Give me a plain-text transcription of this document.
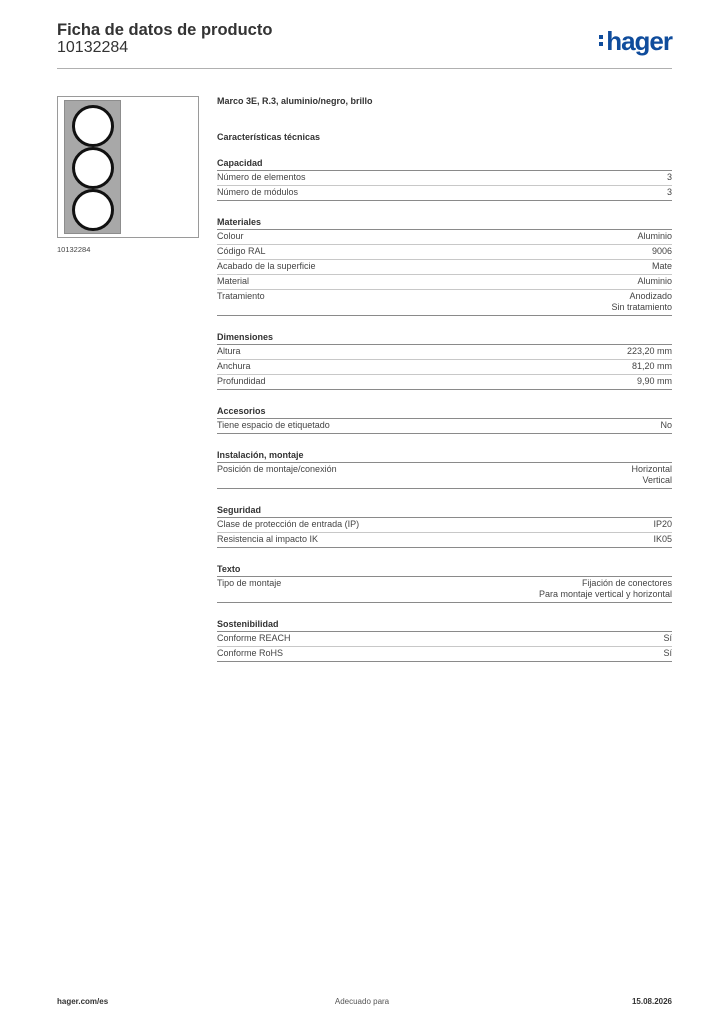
Ficha de datos de producto
10132284	hager
10132284
Marco 3E, R.3, aluminio/negro, brillo
Características técnicas
Capacidad
Número de elementos	3
Número de módulos	3
Materiales
Colour	Aluminio
Código RAL	9006
Acabado de la superficie	Mate
Material	Aluminio
Tratamiento	Anodizado
Sin tratamiento
Dimensiones
Altura	223,20 mm
Anchura	81,20 mm
Profundidad	9,90 mm
Accesorios
Tiene espacio de etiquetado	No
Instalación, montaje
Posición de montaje/conexión	Horizontal
Vertical
Seguridad
Clase de protección de entrada (IP)	IP20
Resistencia al impacto IK	IK05
Texto
Tipo de montaje	Fijación de conectores
Para montaje vertical y horizontal
Sostenibilidad
Conforme REACH	Sí
Conforme RoHS	Sí
hager.com/es	Adecuado para	15.08.2026
